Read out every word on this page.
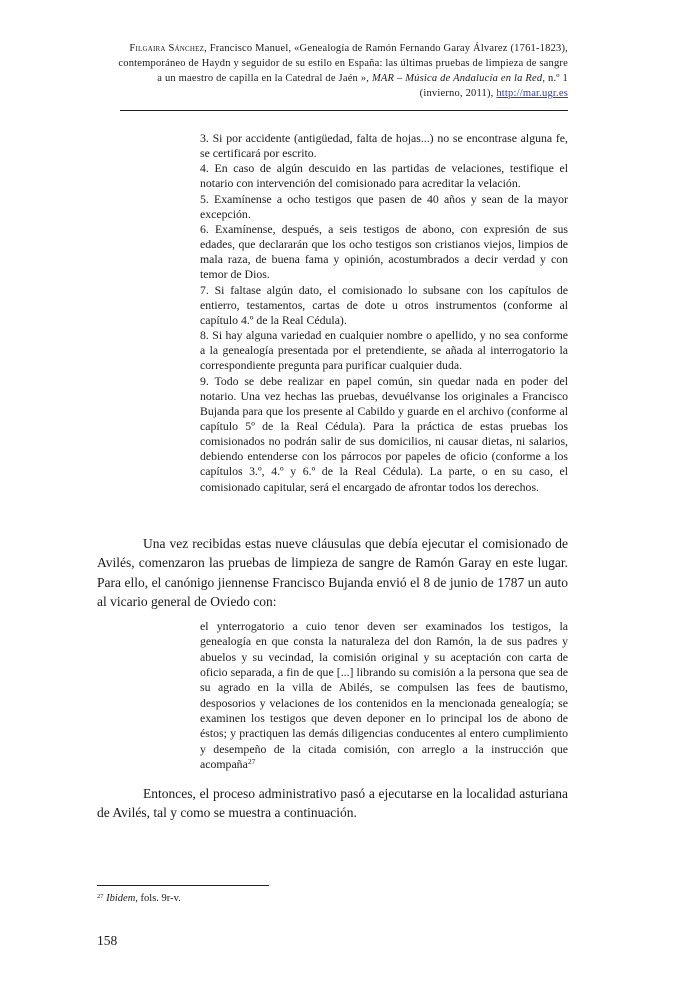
Filgaira Sánchez, Francisco Manuel, «Genealogía de Ramón Fernando Garay Álvarez (1761-1823), contemporáneo de Haydn y seguidor de su estilo en España: las últimas pruebas de limpieza de sangre a un maestro de capilla en la Catedral de Jaén », MAR – Música de Andalucía en la Red, n.º 1 (invierno, 2011), http://mar.ugr.es

3. Si por accidente (antigüedad, falta de hojas...) no se encontrase alguna fe, se certificará por escrito.

4. En caso de algún descuido en las partidas de velaciones, testifique el notario con intervención del comisionado para acreditar la velación.

5. Examínense a ocho testigos que pasen de 40 años y sean de la mayor excepción.

6. Examínense, después, a seis testigos de abono, con expresión de sus edades, que declararán que los ocho testigos son cristianos viejos, limpios de mala raza, de buena fama y opinión, acostumbrados a decir verdad y con temor de Dios.

7. Si faltase algún dato, el comisionado lo subsane con los capítulos de entierro, testamentos, cartas de dote u otros instrumentos (conforme al capítulo 4.º de la Real Cédula).

8. Si hay alguna variedad en cualquier nombre o apellido, y no sea conforme a la genealogía presentada por el pretendiente, se añada al interrogatorio la correspondiente pregunta para purificar cualquier duda.

9. Todo se debe realizar en papel común, sin quedar nada en poder del notario. Una vez hechas las pruebas, devuélvanse los originales a Francisco Bujanda para que los presente al Cabildo y guarde en el archivo (conforme al capítulo 5º de la Real Cédula). Para la práctica de estas pruebas los comisionados no podrán salir de sus domicilios, ni causar dietas, ni salarios, debiendo entenderse con los párrocos por papeles de oficio (conforme a los capítulos 3.º, 4.º y 6.º de la Real Cédula). La parte, o en su caso, el comisionado capitular, será el encargado de afrontar todos los derechos.

Una vez recibidas estas nueve cláusulas que debía ejecutar el comisionado de Avilés, comenzaron las pruebas de limpieza de sangre de Ramón Garay en este lugar. Para ello, el canónigo jiennense Francisco Bujanda envió el 8 de junio de 1787 un auto al vicario general de Oviedo con:

el ynterrogatorio a cuio tenor deven ser examinados los testigos, la genealogía en que consta la naturaleza del don Ramón, la de sus padres y abuelos y su vecindad, la comisión original y su aceptación con carta de oficio separada, a fin de que [...] librando su comisión a la persona que sea de su agrado en la villa de Abilés, se compulsen las fees de bautismo, desposorios y velaciones de los contenidos en la mencionada genealogía; se examinen los testigos que deven deponer en lo principal los de abono de éstos; y practiquen las demás diligencias conducentes al entero cumplimiento y desempeño de la citada comisión, con arreglo a la instrucción que acompaña$^{27}$

Entonces, el proceso administrativo pasó a ejecutarse en la localidad asturiana de Avilés, tal y como se muestra a continuación.

$^{27}$ Ibidem, fols. 9r-v.
158
